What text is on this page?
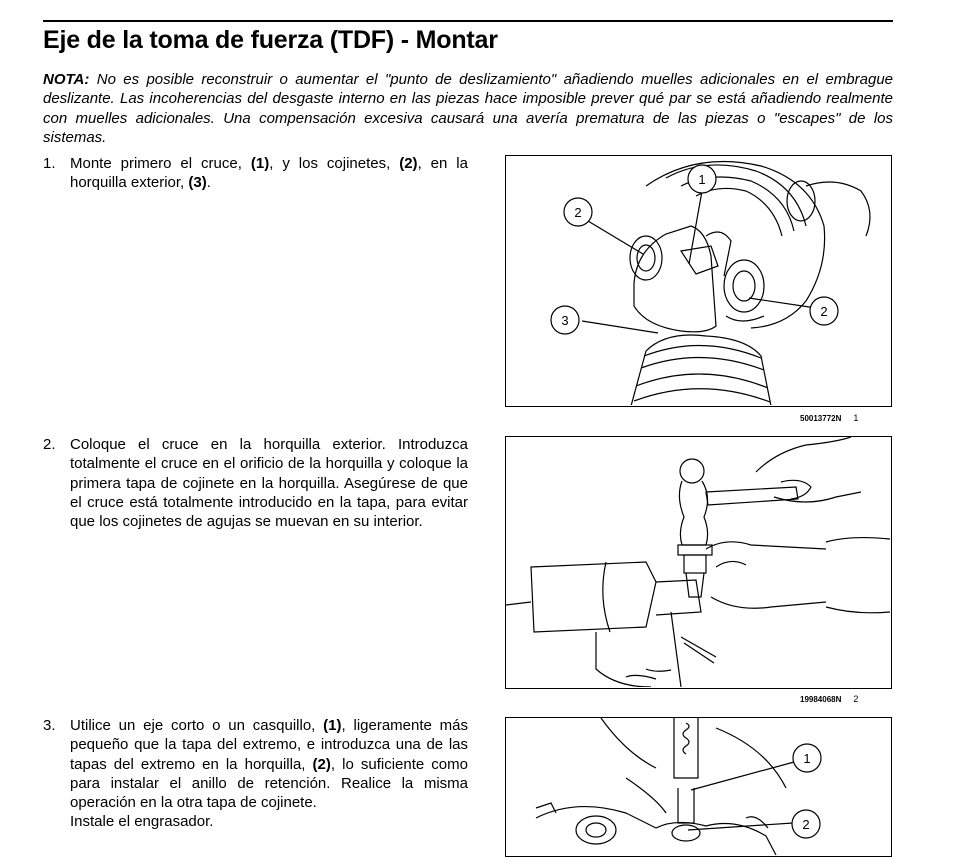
Eje de la toma de fuerza (TDF) - Montar
NOTA: No es posible reconstruir o aumentar el "punto de deslizamiento" añadiendo muelles adicionales en el embrague deslizante. Las incoherencias del desgaste interno en las piezas hace imposible prever qué par se está añadiendo realmente con muelles adicionales. Una compensación excesiva causará una avería prematura de las piezas o "escapes" de los sistemas.
1. Monte primero el cruce, (1), y los cojinetes, (2), en la horquilla exterior, (3).
2. Coloque el cruce en la horquilla exterior. Introduzca totalmente el cruce en el orificio de la horquilla y coloque la primera tapa de cojinete en la horquilla. Asegúrese de que el cruce está totalmente introducido en la tapa, para evitar que los cojinetes de agujas se muevan en su interior.
3. Utilice un eje corto o un casquillo, (1), ligeramente más pequeño que la tapa del extremo, e introduzca una de las tapas del extremo en la horquilla, (2), lo suficiente como para instalar el anillo de retención. Realice la misma operación en la otra tapa de cojinete.
Instale el engrasador.
1
2
2
3
50013772N 1
19984068N 2
1
2
